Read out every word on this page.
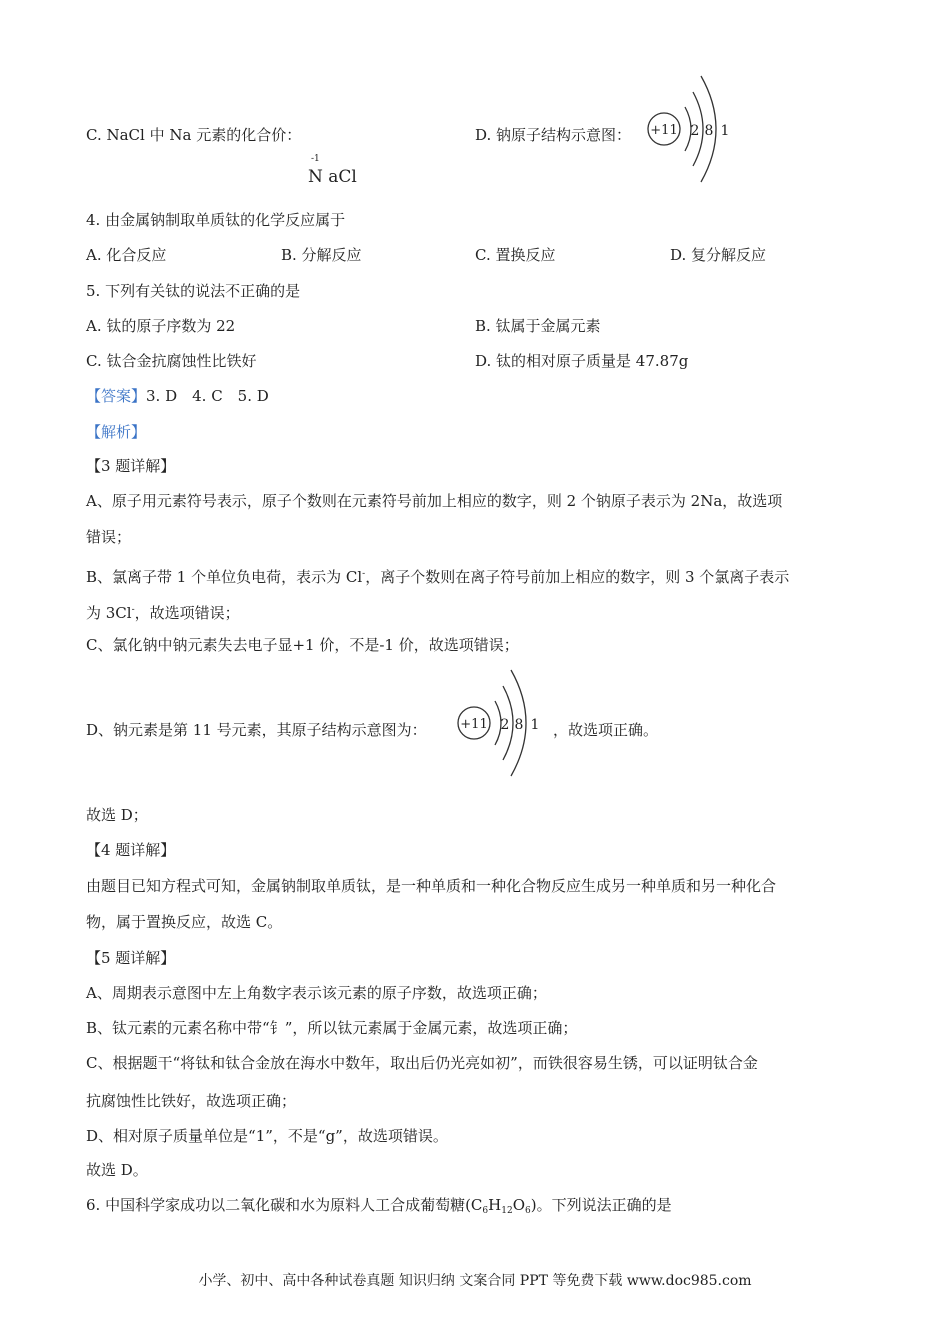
C. NaCl 中 Na 元素的化合价：	D. 钠原子结构示意图： +11 2 8 1
-1
N aCl
4. 由金属钠制取单质钛的化学反应属于
A. 化合反应	B. 分解反应	C. 置换反应	D. 复分解反应
5. 下列有关钛的说法不正确的是
A. 钛的原子序数为 22	B. 钛属于金属元素
C. 钛合金抗腐蚀性比铁好	D. 钛的相对原子质量是 47.87g
【答案】3. D　4. C　5. D
【解析】
【3 题详解】
A、原子用元素符号表示，原子个数则在元素符号前加上相应的数字，则 2 个钠原子表示为 2Na，故选项
错误；
B、氯离子带 1 个单位负电荷，表示为 Cl-，离子个数则在离子符号前加上相应的数字，则 3 个氯离子表示
为 3Cl-，故选项错误；
C、氯化钠中钠元素失去电子显+1 价，不是-1 价，故选项错误；
D、钠元素是第 11 号元素，其原子结构示意图为：	+11 2 8 1 ，故选项正确。
故选 D；
【4 题详解】
由题目已知方程式可知，金属钠制取单质钛，是一种单质和一种化合物反应生成另一种单质和另一种化合
物，属于置换反应，故选 C。
【5 题详解】
A、周期表示意图中左上角数字表示该元素的原子序数，故选项正确；
B、钛元素的元素名称中带“钅”，所以钛元素属于金属元素，故选项正确；
C、根据题干“将钛和钛合金放在海水中数年，取出后仍光亮如初”，而铁很容易生锈，可以证明钛合金
抗腐蚀性比铁好，故选项正确；
D、相对原子质量单位是“1”，不是“g”，故选项错误。
故选 D。
6. 中国科学家成功以二氧化碳和水为原料人工合成葡萄糖$(C_6H_{12}O_6)$。下列说法正确的是
小学、初中、高中各种试卷真题 知识归纳 文案合同 PPT 等免费下载 www.doc985.com
